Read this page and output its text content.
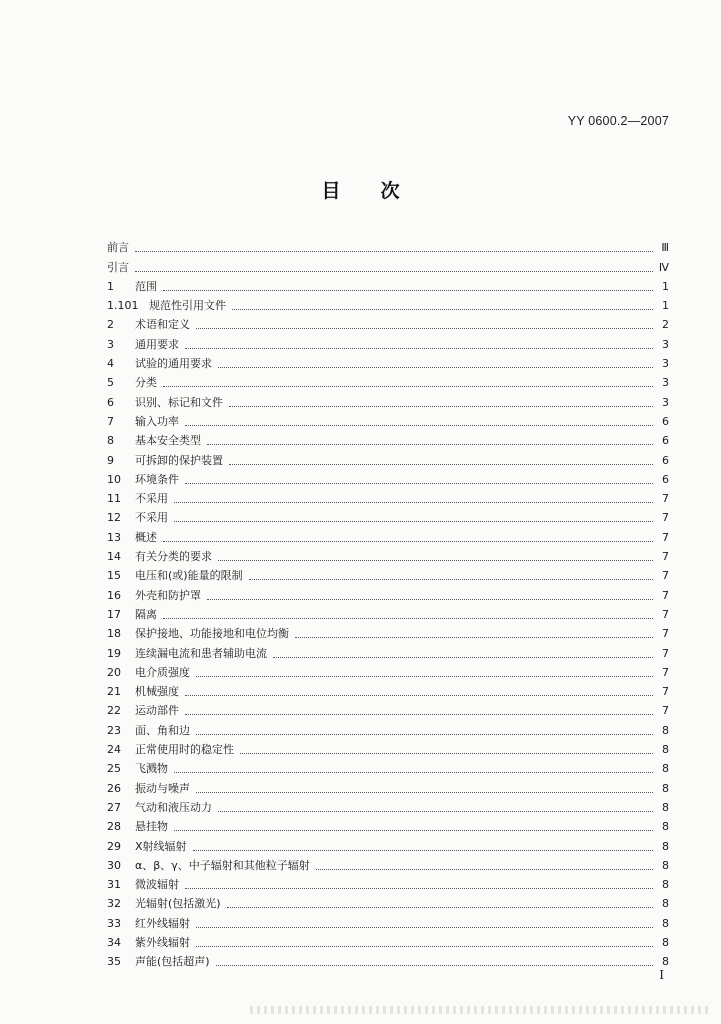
YY 0600.2—2007
目 次
前言	Ⅲ
引言	Ⅳ
1	范围	1
1.101 规范性引用文件	1
2	术语和定义	2
3	通用要求	3
4	试验的通用要求	3
5	分类	3
6	识别、标记和文件	3
7	输入功率	6
8	基本安全类型	6
9	可拆卸的保护装置	6
10	环境条件	6
11	不采用	7
12	不采用	7
13	概述	7
14	有关分类的要求	7
15	电压和(或)能量的限制	7
16	外壳和防护罩	7
17	隔离	7
18	保护接地、功能接地和电位均衡	7
19	连续漏电流和患者辅助电流	7
20	电介质强度	7
21	机械强度	7
22	运动部件	7
23	面、角和边	8
24	正常使用时的稳定性	8
25	飞溅物	8
26	振动与噪声	8
27	气动和液压动力	8
28	悬挂物	8
29	X射线辐射	8
30	α、β、γ、中子辐射和其他粒子辐射	8
31	微波辐射	8
32	光辐射(包括激光)	8
33	红外线辐射	8
34	紫外线辐射	8
35	声能(包括超声)	8
I
